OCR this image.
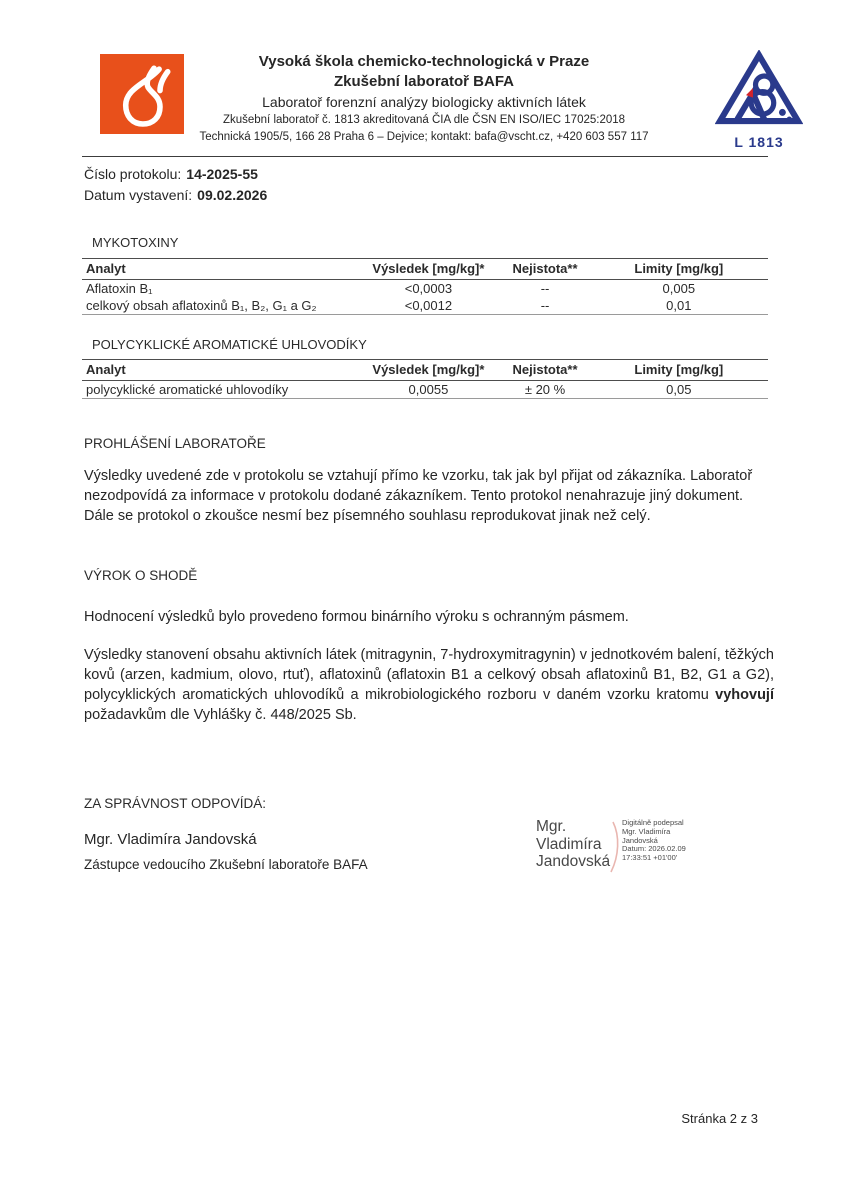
Vysoká škola chemicko-technologická v Praze
Zkušební laboratoř BAFA
Laboratoř forenzní analýzy biologicky aktivních látek
Zkušební laboratoř č. 1813 akreditovaná ČIA dle ČSN EN ISO/IEC 17025:2018
Technická 1905/5, 166 28 Praha 6 – Dejvice; kontakt: bafa@vscht.cz, +420 603 557 117	L 1813
Číslo protokolu: 14-2025-55
Datum vystavení: 09.02.2026
MYKOTOXINY
Analyt	Výsledek [mg/kg]*	Nejistota**	Limity [mg/kg]
Aflatoxin B₁	<0,0003	--	0,005
celkový obsah aflatoxinů B₁, B₂, G₁ a G₂	<0,0012	--	0,01
POLYCYKLICKÉ AROMATICKÉ UHLOVODÍKY
Analyt	Výsledek [mg/kg]*	Nejistota**	Limity [mg/kg]
polycyklické aromatické uhlovodíky	0,0055	± 20 %	0,05
PROHLÁŠENÍ LABORATOŘE

Výsledky uvedené zde v protokolu se vztahují přímo ke vzorku, tak jak byl přijat od zákazníka. Laboratoř nezodpovídá za informace v protokolu dodané zákazníkem. Tento protokol nenahrazuje jiný dokument. Dále se protokol o zkoušce nesmí bez písemného souhlasu reprodukovat jinak než celý.

VÝROK O SHODĚ

Hodnocení výsledků bylo provedeno formou binárního výroku s ochranným pásmem.

Výsledky stanovení obsahu aktivních látek (mitragynin, 7-hydroxymitragynin) v jednotkovém balení, těžkých kovů (arzen, kadmium, olovo, rtuť), aflatoxinů (aflatoxin B1 a celkový obsah aflatoxinů B1, B2, G1 a G2), polycyklických aromatických uhlovodíků a mikrobiologického rozboru v daném vzorku kratomu vyhovují požadavkům dle Vyhlášky č. 448/2025 Sb.

ZA SPRÁVNOST ODPOVÍDÁ:
Mgr. Vladimíra Jandovská
Zástupce vedoucího Zkušební laboratoře BAFA
Mgr.
Vladimíra
Jandovská
Digitálně podepsal
Mgr. Vladimíra
Jandovská
Datum: 2026.02.09
17:33:51 +01'00'
Stránka 2 z 3
